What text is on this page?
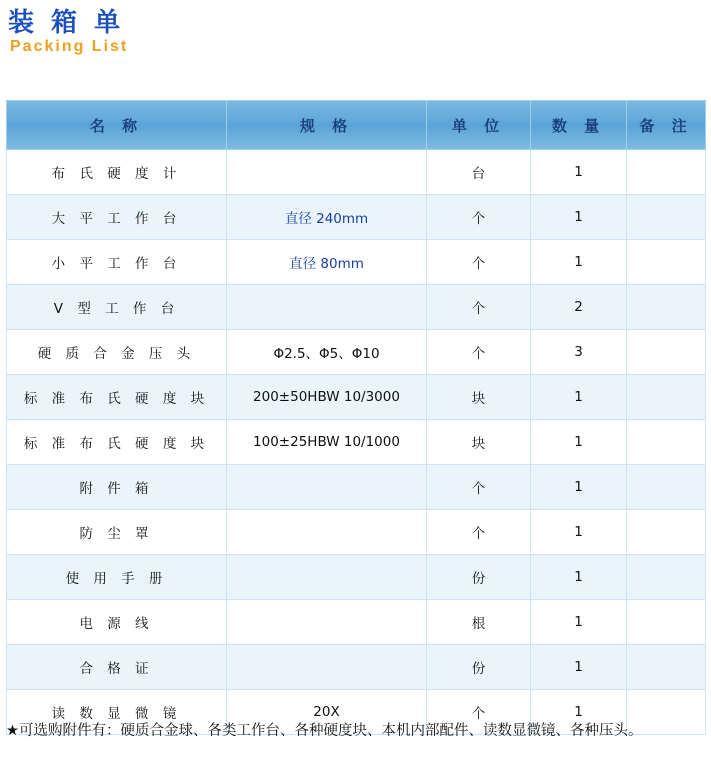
装 箱 单
Packing List
名 称	规 格	单 位	数 量	备 注
布 氏 硬 度 计		台	1	
大 平 工 作 台	直径 240mm	个	1	
小 平 工 作 台	直径 80mm	个	1	
V 型 工 作 台		个	2	
硬 质 合 金 压 头	Φ2.5、Φ5、Φ10	个	3	
标 准 布 氏 硬 度 块	200±50HBW 10/3000	块	1	
标 准 布 氏 硬 度 块	100±25HBW 10/1000	块	1	
附 件 箱		个	1	
防 尘 罩		个	1	
使 用 手 册		份	1	
电 源 线		根	1	
合 格 证		份	1	
读 数 显 微 镜	20X	个	1	
★可选购附件有：硬质合金球、各类工作台、各种硬度块、本机内部配件、读数显微镜、各种压头。
